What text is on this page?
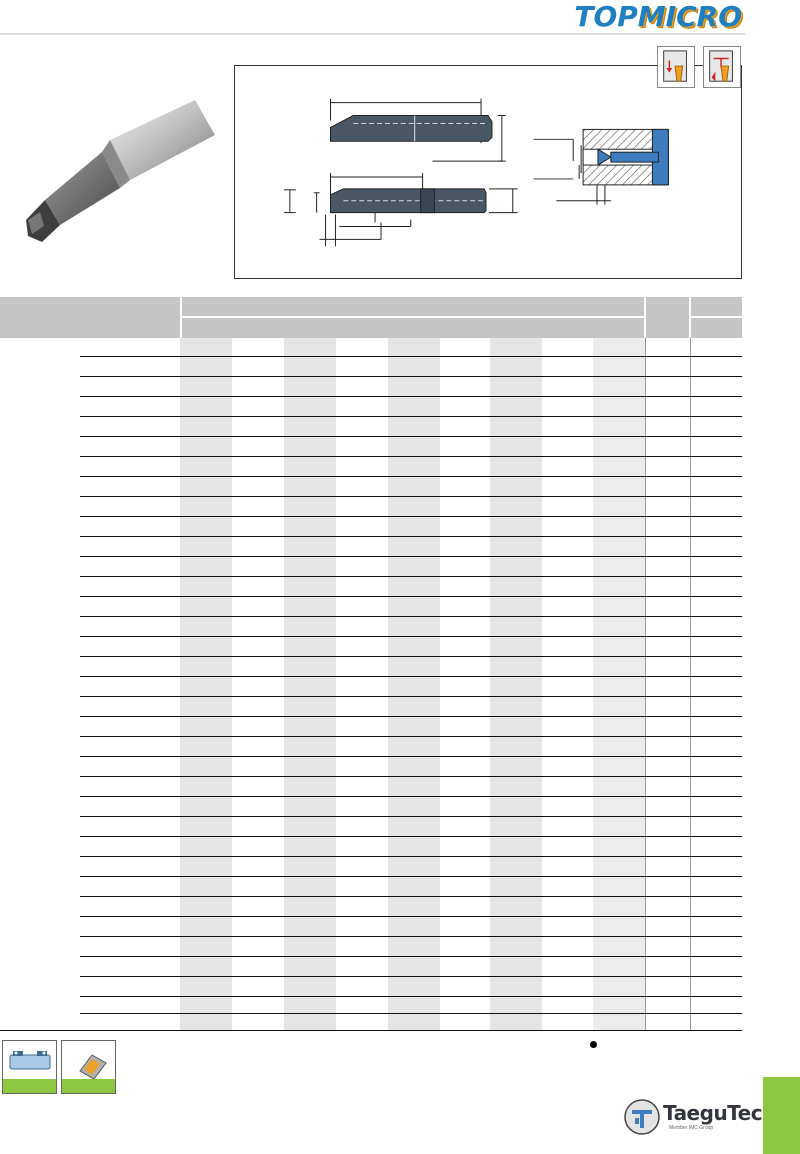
TOPMICRO
TaeguTec
Member IMC Group
